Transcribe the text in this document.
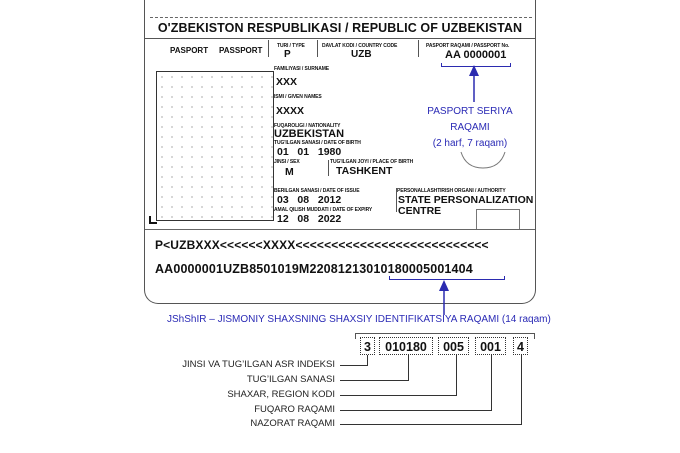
O'ZBEKISTON RESPUBLIKASI / REPUBLIC OF UZBEKISTAN
PASPORT PASSPORT	TURI / TYPE
P
DAVLAT KODI / COUNTRY CODE
UZB
PASPORT RAQAMI / PASSPORT No.
AA 0000001
PASPORT SERIYA
RAQAMI
(2 harf, 7 raqam)
FAMILIYASI / SURNAME
XXX
ISMI / GIVEN NAMES
XXXX
FUQAROLIGI / NATIONALITY
UZBEKISTAN
TUG'ILGAN SANASI / DATE OF BIRTH
01   01   1980
JINSI / SEX
M
TUG'ILGAN JOYI / PLACE OF BIRTH
TASHKENT
BERILGAN SANASI / DATE OF ISSUE
03   08   2012
AMAL QILISH MUDDATI / DATE OF EXPIRY
12   08   2022
PERSONALLASHTIRISH ORGANI / AUTHORITY
STATE PERSONALIZATION
CENTRE
P<UZBXXX<<<<<<XXXX<<<<<<<<<<<<<<<<<<<<<<<<<<<
AA0000001UZB8501019M22081213010180005001404
JShShIR – JISMONIY SHAXSNING SHAXSIY IDENTIFIKATSIYA RAQAMI (14 raqam)
3	010180	005	001	4
JINSI VA TUG’ILGAN ASR INDEKSI
TUG’ILGAN SANASI
SHAXAR, REGION KODI
FUQARO RAQAMI
NAZORAT RAQAMI
